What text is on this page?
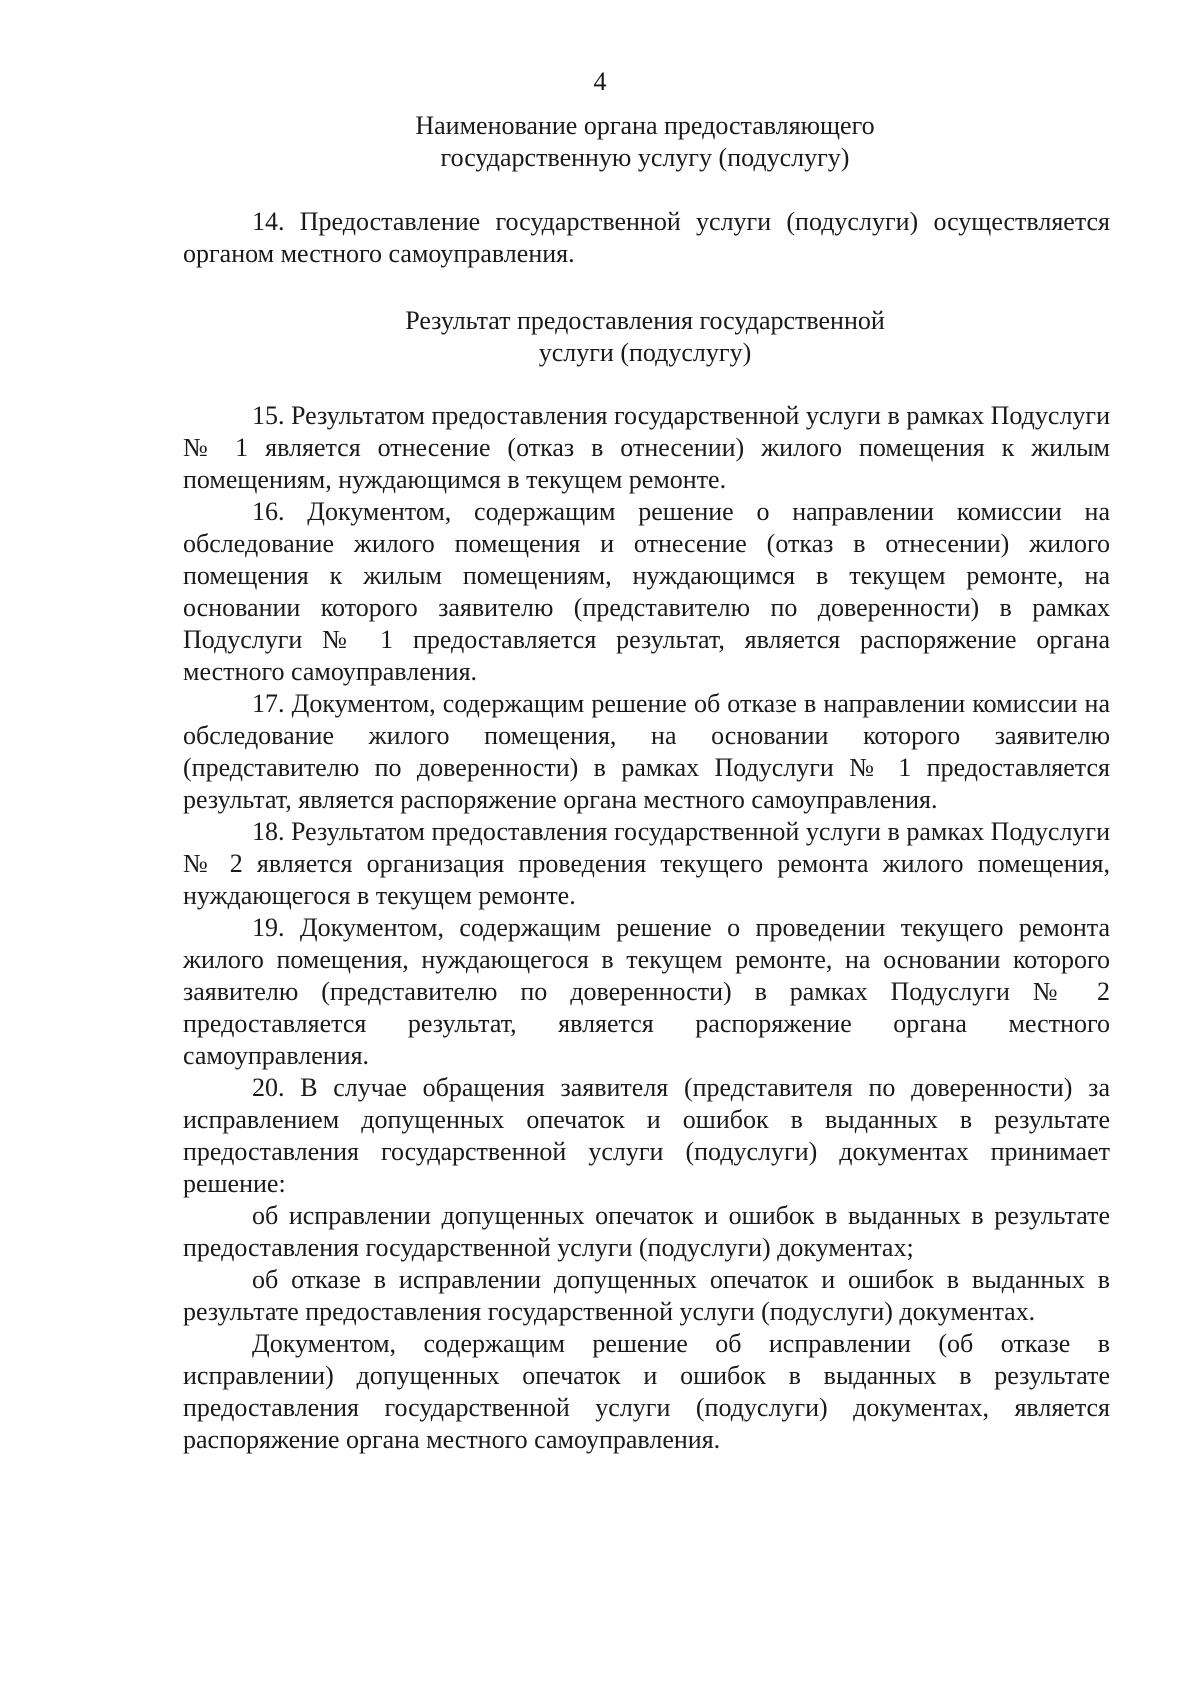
4
Наименование органа предоставляющего
государственную услугу (подуслугу)

14. Предоставление государственной услуги (подуслуги) осуществляется органом местного самоуправления.

Результат предоставления государственной
услуги (подуслугу)

15. Результатом предоставления государственной услуги в рамках Подуслуги № 1 является отнесение (отказ в отнесении) жилого помещения к жилым помещениям, нуждающимся в текущем ремонте.

16. Документом, содержащим решение о направлении комиссии на обследование жилого помещения и отнесение (отказ в отнесении) жилого помещения к жилым помещениям, нуждающимся в текущем ремонте, на основании которого заявителю (представителю по доверенности) в рамках Подуслуги № 1 предоставляется результат, является распоряжение органа местного самоуправления.

17. Документом, содержащим решение об отказе в направлении комиссии на обследование жилого помещения, на основании которого заявителю (представителю по доверенности) в рамках Подуслуги № 1 предоставляется результат, является распоряжение органа местного самоуправления.

18. Результатом предоставления государственной услуги в рамках Подуслуги № 2 является организация проведения текущего ремонта жилого помещения, нуждающегося в текущем ремонте.

19. Документом, содержащим решение о проведении текущего ремонта жилого помещения, нуждающегося в текущем ремонте, на основании которого заявителю (представителю по доверенности) в рамках Подуслуги № 2 предоставляется результат, является распоряжение органа местного самоуправления.

20. В случае обращения заявителя (представителя по доверенности) за исправлением допущенных опечаток и ошибок в выданных в результате предоставления государственной услуги (подуслуги) документах принимает решение:

об исправлении допущенных опечаток и ошибок в выданных в результате предоставления государственной услуги (подуслуги) документах;

об отказе в исправлении допущенных опечаток и ошибок в выданных в результате предоставления государственной услуги (подуслуги) документах.

Документом, содержащим решение об исправлении (об отказе в исправлении) допущенных опечаток и ошибок в выданных в результате предоставления государственной услуги (подуслуги) документах, является распоряжение органа местного самоуправления.
